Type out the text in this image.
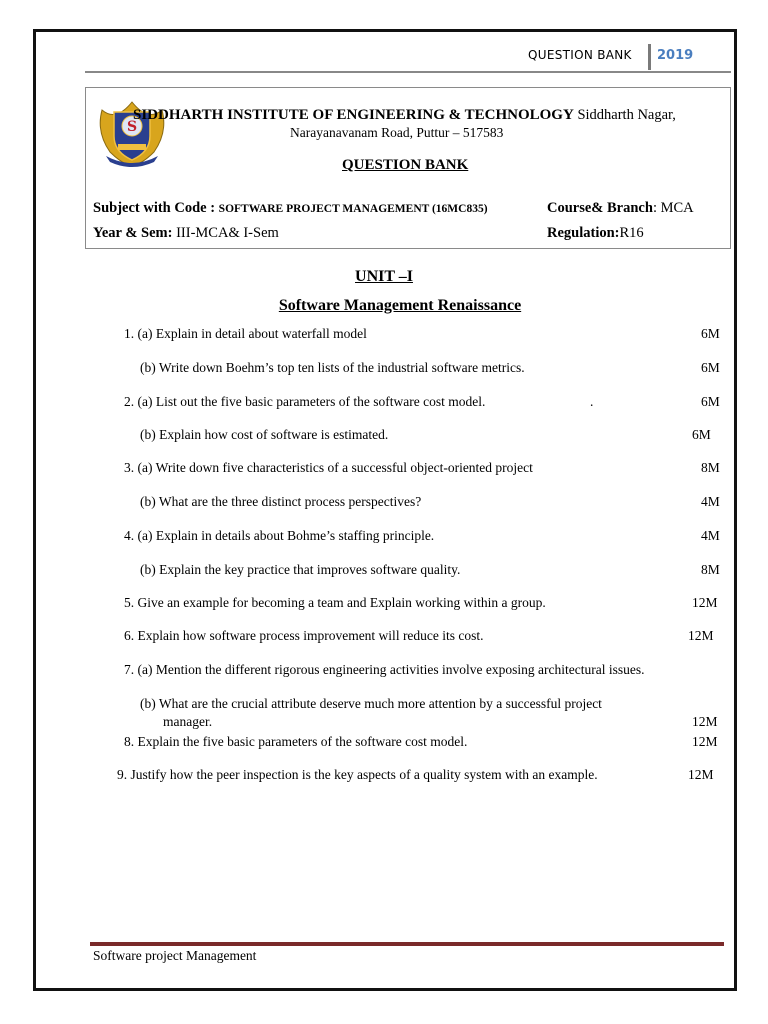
QUESTION BANK 2019
S
SIDDHARTH INSTITUTE OF ENGINEERING & TECHNOLOGY Siddharth Nagar,
Narayanavanam Road, Puttur – 517583
QUESTION BANK
Subject with Code : SOFTWARE PROJECT MANAGEMENT (16MC835)	Course& Branch: MCA
Year & Sem: III-MCA& I-Sem	Regulation:R16
UNIT –I
Software Management Renaissance
1. (a) Explain in detail about waterfall model	6M
(b) Write down Boehm’s top ten lists of the industrial software metrics.	6M
2. (a) List out the five basic parameters of the software cost model.	.	6M
(b) Explain how cost of software is estimated.	6M
3. (a) Write down five characteristics of a successful object-oriented project	8M
(b) What are the three distinct process perspectives?	4M
4. (a) Explain in details about Bohme’s staffing principle.	4M
(b) Explain the key practice that improves software quality.	8M
5. Give an example for becoming a team and Explain working within a group.	12M
6. Explain how software process improvement will reduce its cost.	12M
7. (a) Mention the different rigorous engineering activities involve exposing architectural issues.
(b) What are the crucial attribute deserve much more attention by a successful project
manager.	12M
8. Explain the five basic parameters of the software cost model.	12M
9. Justify how the peer inspection is the key aspects of a quality system with an example.	12M
Software project Management
